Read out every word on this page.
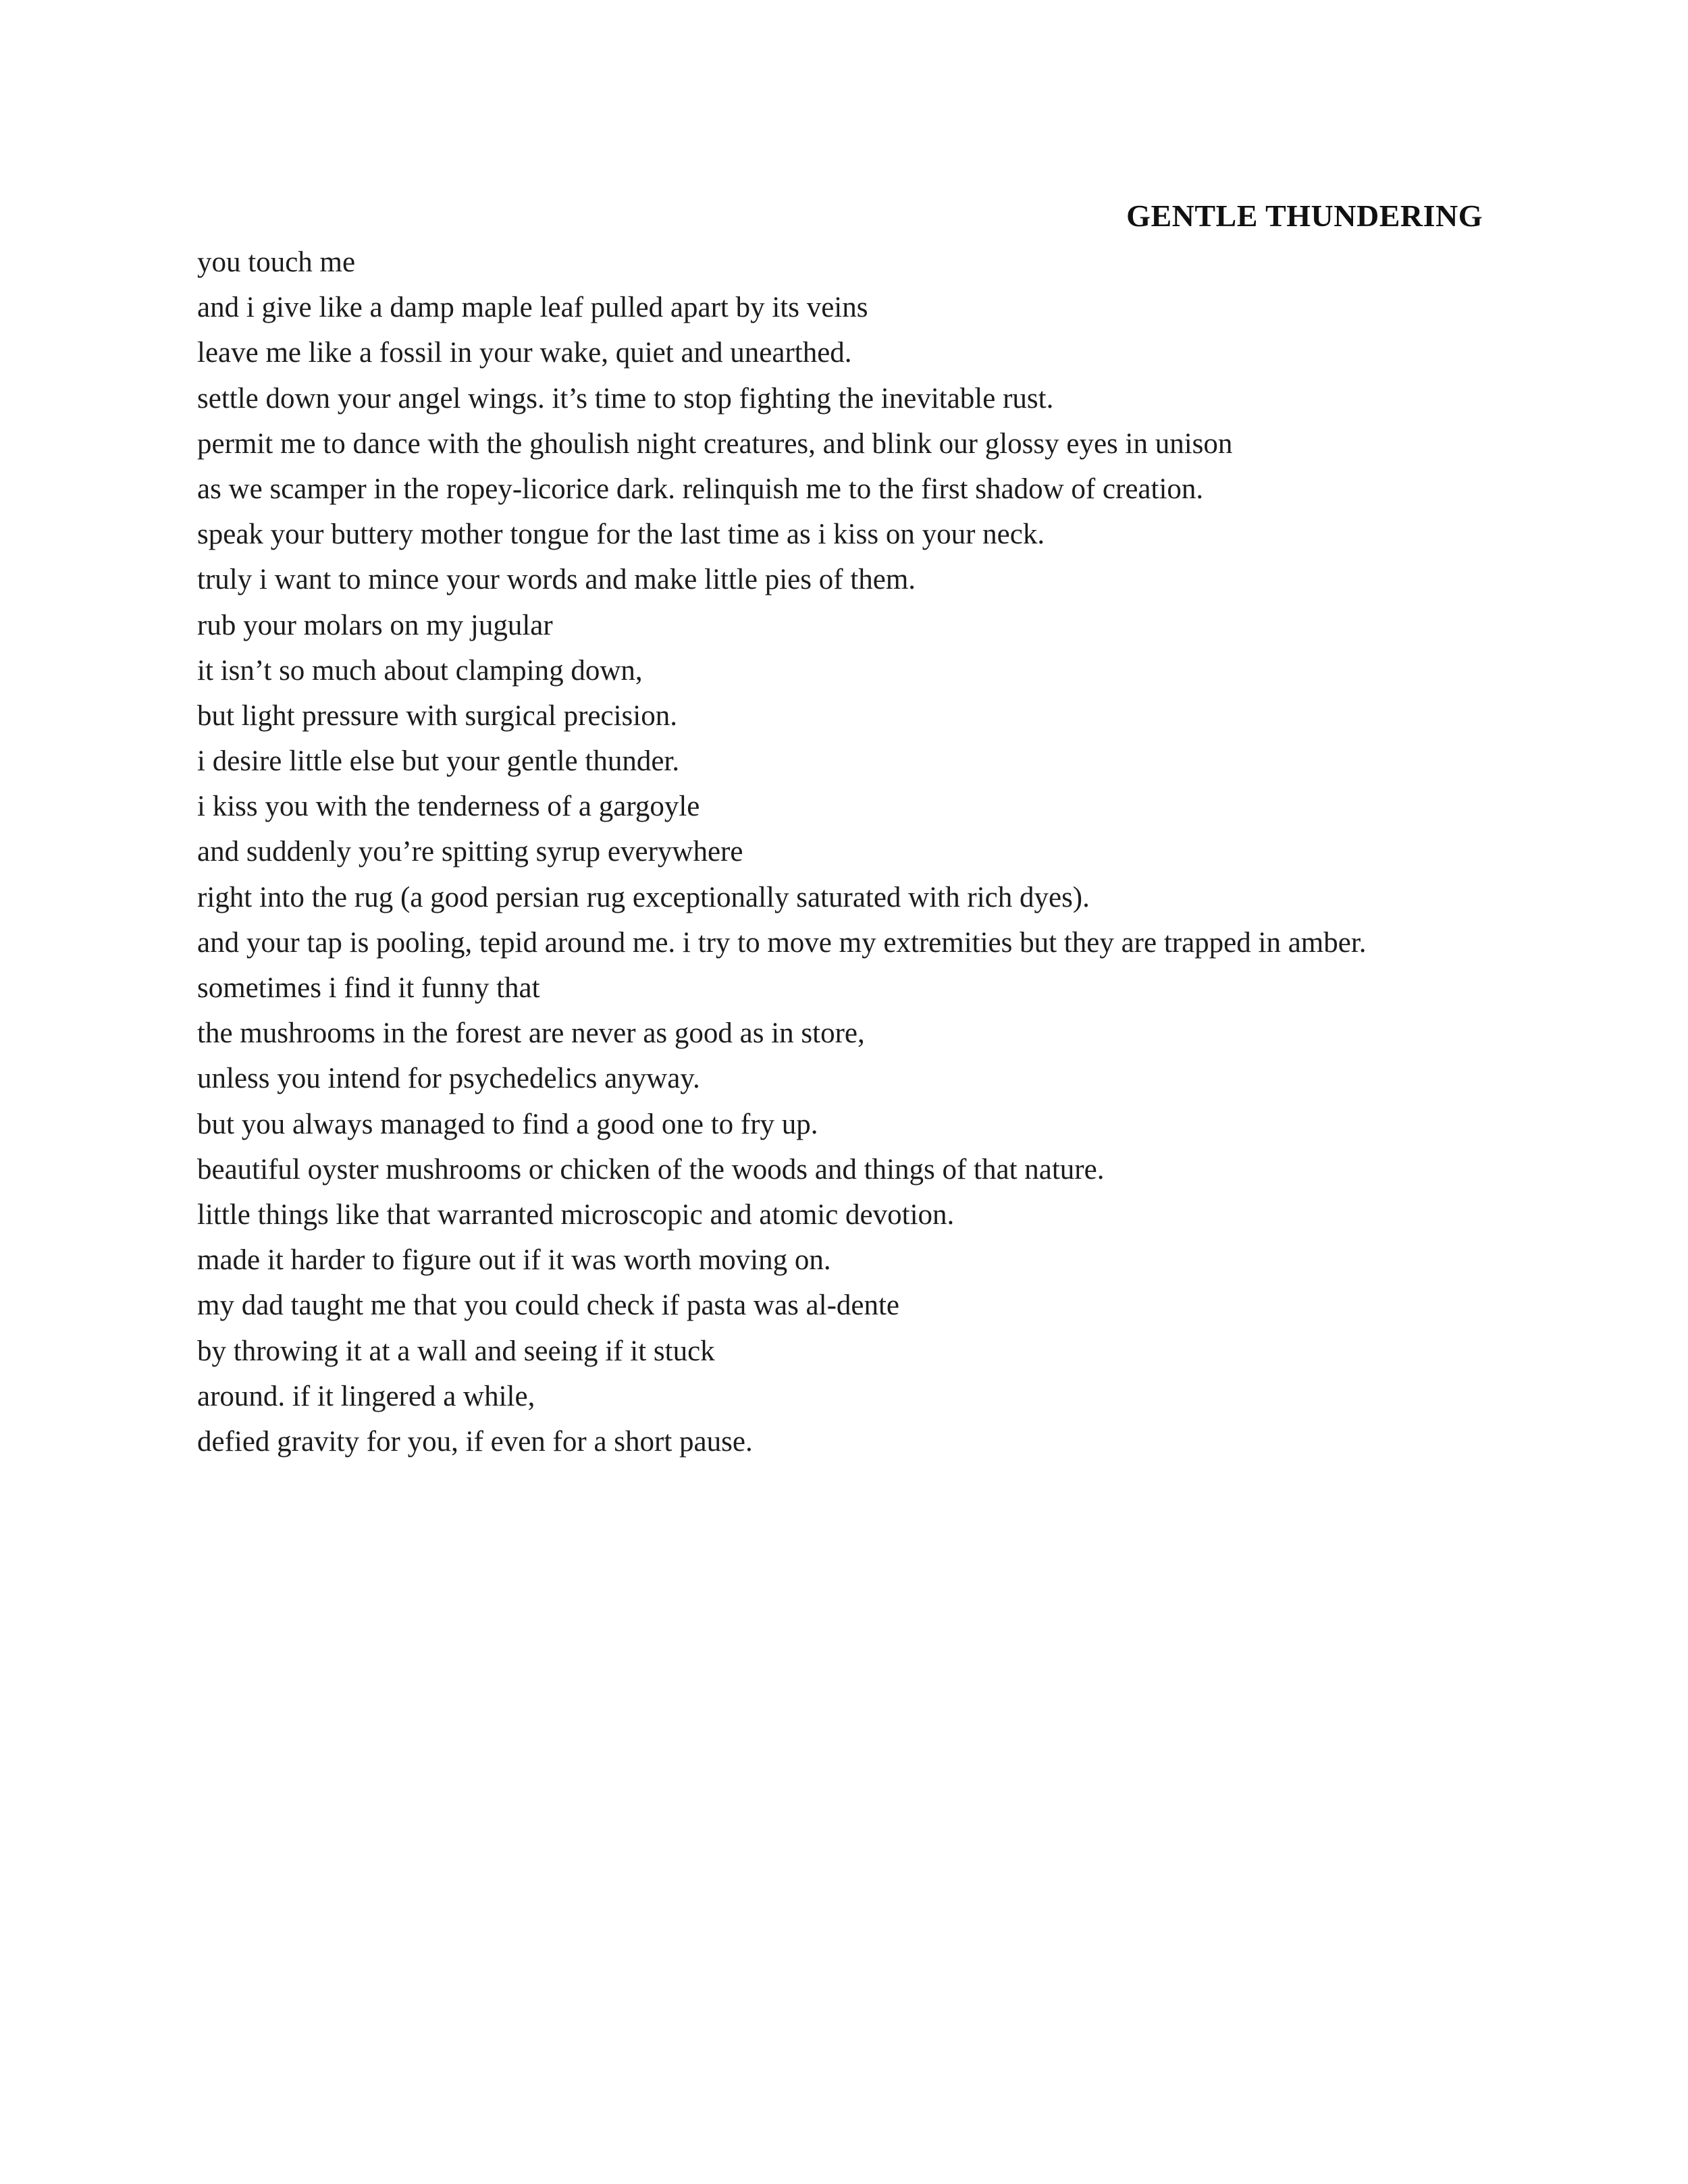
GENTLE THUNDERING
you touch me
and i give like a damp maple leaf pulled apart by its veins
leave me like a fossil in your wake, quiet and unearthed.
settle down your angel wings. it’s time to stop fighting the inevitable rust.
permit me to dance with the ghoulish night creatures, and blink our glossy eyes in unison
as we scamper in the ropey-licorice dark. relinquish me to the first shadow of creation.
speak your buttery mother tongue for the last time as i kiss on your neck.
truly i want to mince your words and make little pies of them.
rub your molars on my jugular
it isn’t so much about clamping down,
but light pressure with surgical precision.
i desire little else but your gentle thunder.
i kiss you with the tenderness of a gargoyle
and suddenly you’re spitting syrup everywhere
right into the rug (a good persian rug exceptionally saturated with rich dyes).
and your tap is pooling, tepid around me. i try to move my extremities but they are trapped in amber.
sometimes i find it funny that
the mushrooms in the forest are never as good as in store,
unless you intend for psychedelics anyway.
but you always managed to find a good one to fry up.
beautiful oyster mushrooms or chicken of the woods and things of that nature.
little things like that warranted microscopic and atomic devotion.
made it harder to figure out if it was worth moving on.
my dad taught me that you could check if pasta was al-dente
by throwing it at a wall and seeing if it stuck
around. if it lingered a while,
defied gravity for you, if even for a short pause.
